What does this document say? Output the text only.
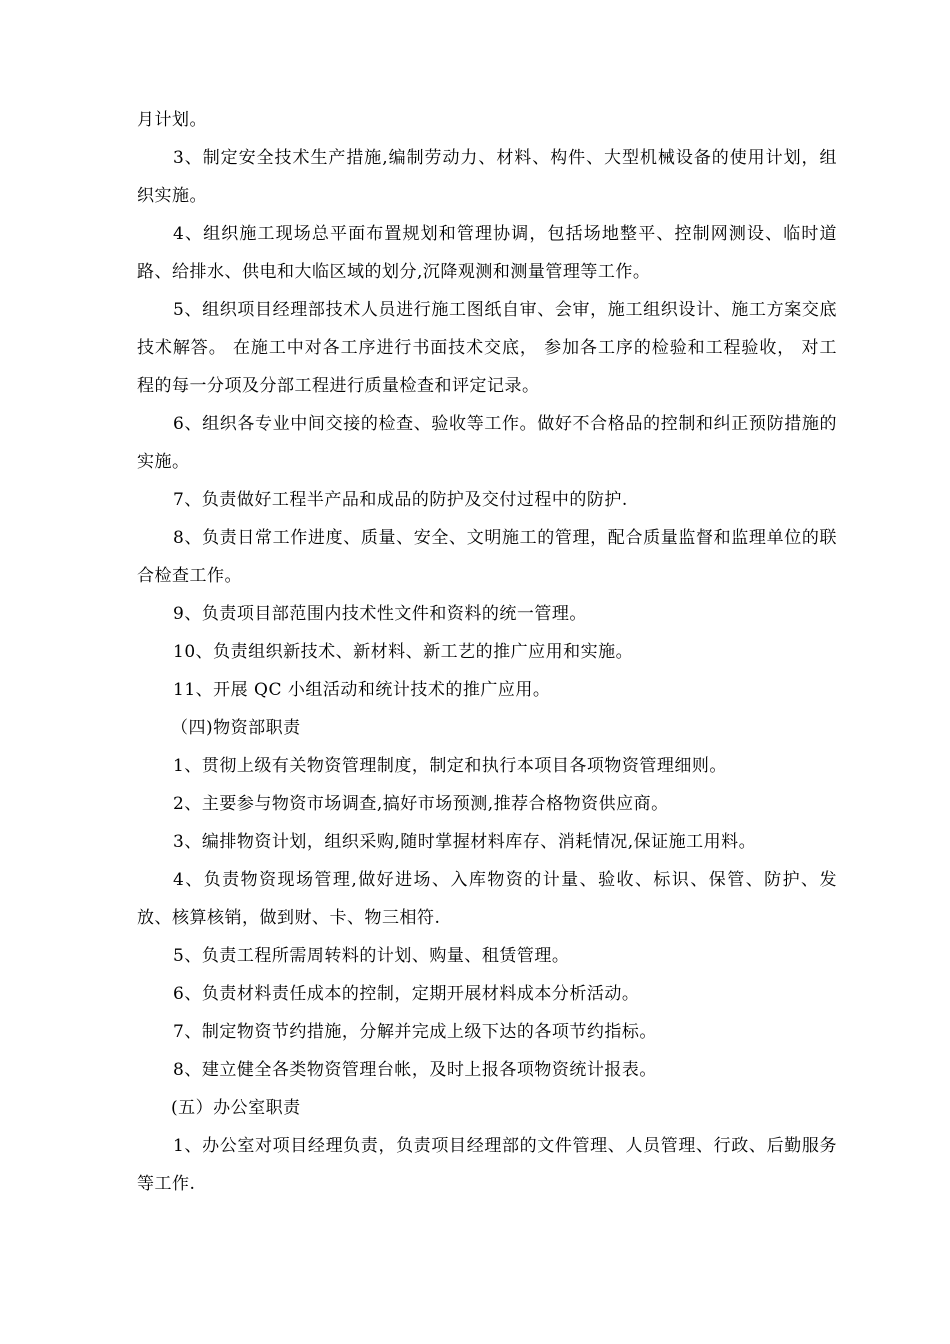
月计划。

3、制定安全技术生产措施,编制劳动力、材料、构件、大型机械设备的使用计划，组织实施。

4、组织施工现场总平面布置规划和管理协调，包括场地整平、控制网测设、临时道路、给排水、供电和大临区域的划分,沉降观测和测量管理等工作。

5、组织项目经理部技术人员进行施工图纸自审、会审，施工组织设计、施工方案交底技术解答。 在施工中对各工序进行书面技术交底， 参加各工序的检验和工程验收， 对工程的每一分项及分部工程进行质量检查和评定记录。

6、组织各专业中间交接的检查、验收等工作。做好不合格品的控制和纠正预防措施的实施。

7、负责做好工程半产品和成品的防护及交付过程中的防护.

8、负责日常工作进度、质量、安全、文明施工的管理，配合质量监督和监理单位的联合检查工作。

9、负责项目部范围内技术性文件和资料的统一管理。

10、负责组织新技术、新材料、新工艺的推广应用和实施。

11、开展 QC 小组活动和统计技术的推广应用。

（四)物资部职责

1、贯彻上级有关物资管理制度，制定和执行本项目各项物资管理细则。

2、主要参与物资市场调查,搞好市场预测,推荐合格物资供应商。

3、编排物资计划，组织采购,随时掌握材料库存、消耗情况,保证施工用料。

4、负责物资现场管理,做好进场、入库物资的计量、验收、标识、保管、防护、发放、核算核销，做到财、卡、物三相符.

5、负责工程所需周转料的计划、购量、租赁管理。

6、负责材料责任成本的控制，定期开展材料成本分析活动。

7、制定物资节约措施，分解并完成上级下达的各项节约指标。

8、建立健全各类物资管理台帐，及时上报各项物资统计报表。

(五）办公室职责

1、办公室对项目经理负责，负责项目经理部的文件管理、人员管理、行政、后勤服务等工作.
